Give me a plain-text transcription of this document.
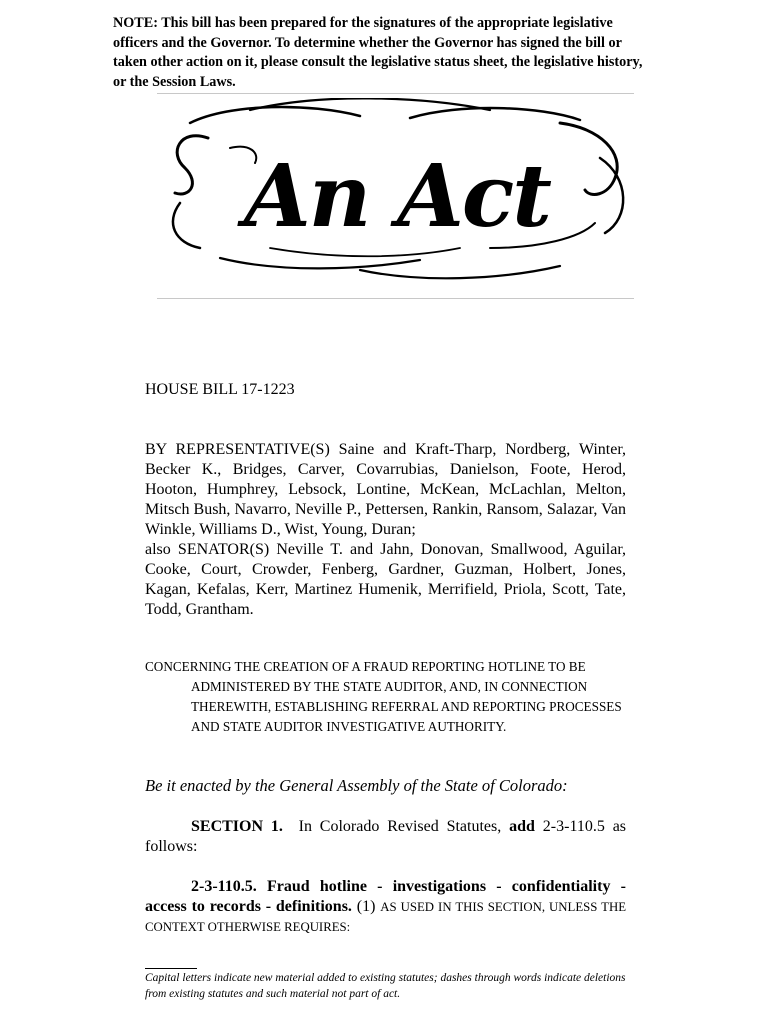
NOTE: This bill has been prepared for the signatures of the appropriate legislative officers and the Governor. To determine whether the Governor has signed the bill or taken other action on it, please consult the legislative status sheet, the legislative history, or the Session Laws.
An Act
HOUSE BILL 17-1223

BY REPRESENTATIVE(S) Saine and Kraft-Tharp, Nordberg, Winter, Becker K., Bridges, Carver, Covarrubias, Danielson, Foote, Herod, Hooton, Humphrey, Lebsock, Lontine, McKean, McLachlan, Melton, Mitsch Bush, Navarro, Neville P., Pettersen, Rankin, Ransom, Salazar, Van Winkle, Williams D., Wist, Young, Duran;

also SENATOR(S) Neville T. and Jahn, Donovan, Smallwood, Aguilar, Cooke, Court, Crowder, Fenberg, Gardner, Guzman, Holbert, Jones, Kagan, Kefalas, Kerr, Martinez Humenik, Merrifield, Priola, Scott, Tate, Todd, Grantham.

CONCERNING THE CREATION OF A FRAUD REPORTING HOTLINE TO BE
ADMINISTERED BY THE STATE AUDITOR, AND, IN CONNECTION THEREWITH, ESTABLISHING REFERRAL AND REPORTING PROCESSES AND STATE AUDITOR INVESTIGATIVE AUTHORITY.
Be it enacted by the General Assembly of the State of Colorado:
SECTION 1. In Colorado Revised Statutes, add 2-3-110.5 as follows:
2-3-110.5. Fraud hotline - investigations - confidentiality - access to records - definitions. (1) AS USED IN THIS SECTION, UNLESS THE CONTEXT OTHERWISE REQUIRES:
Capital letters indicate new material added to existing statutes; dashes through words indicate deletions from existing statutes and such material not part of act.
